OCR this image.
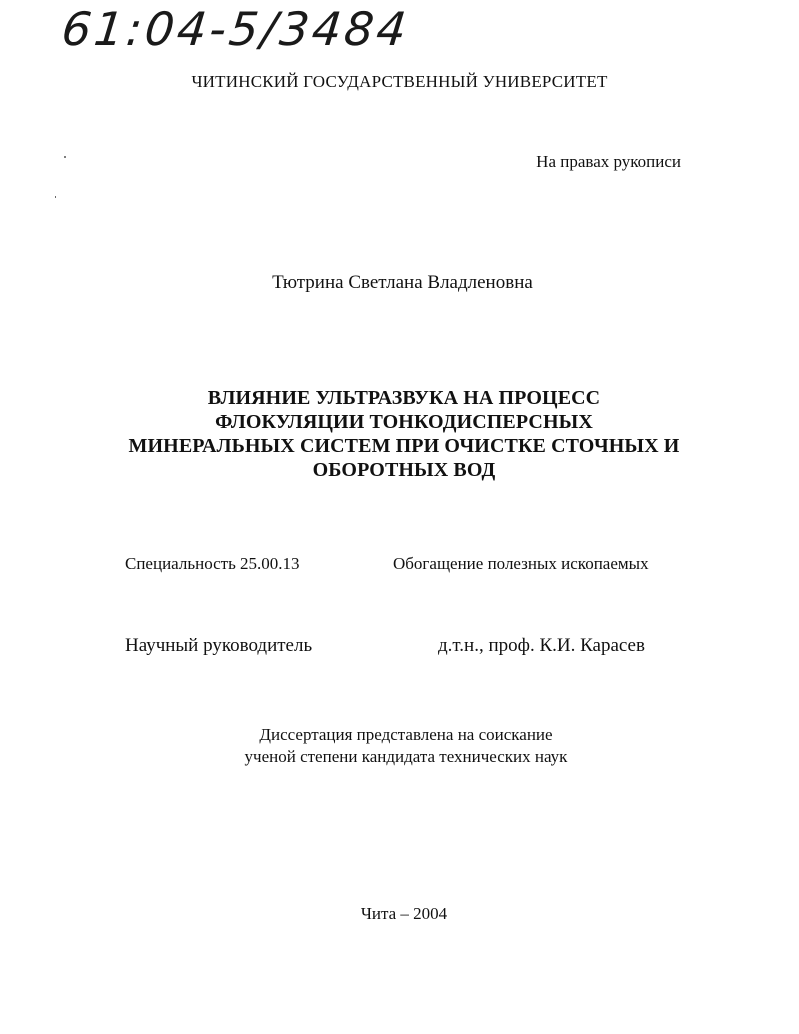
61:04-5/3484
ЧИТИНСКИЙ ГОСУДАРСТВЕННЫЙ УНИВЕРСИТЕТ
На правах рукописи
Тютрина Светлана Владленовна
ВЛИЯНИЕ УЛЬТРАЗВУКА НА ПРОЦЕСС
ФЛОКУЛЯЦИИ ТОНКОДИСПЕРСНЫХ
МИНЕРАЛЬНЫХ СИСТЕМ ПРИ ОЧИСТКЕ СТОЧНЫХ И
ОБОРОТНЫХ ВОД
Специальность 25.00.13	Обогащение полезных ископаемых
Научный руководитель	д.т.н., проф. К.И. Карасев
Диссертация представлена на соискание
ученой степени кандидата технических наук
Чита – 2004
